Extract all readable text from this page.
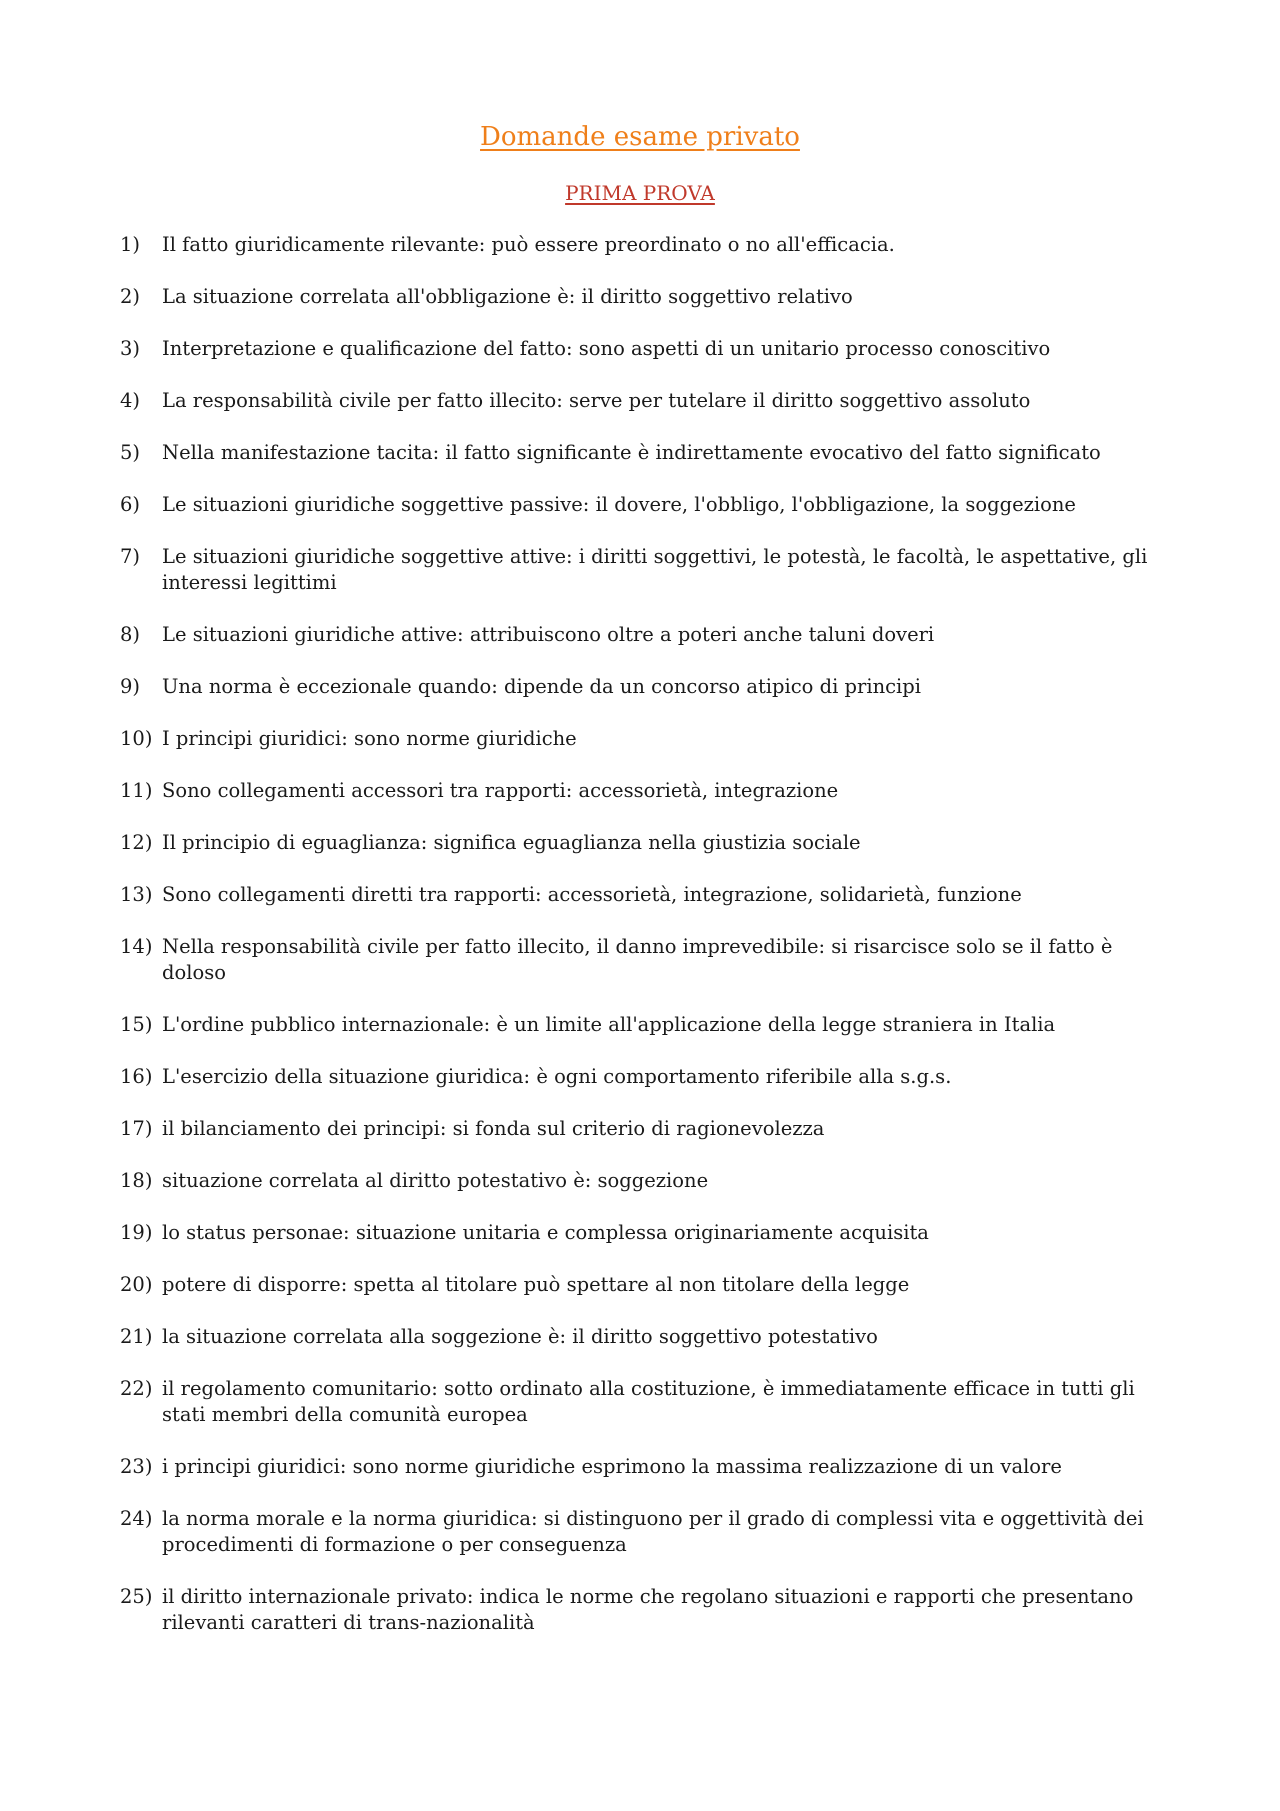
Domande esame privato
PRIMA PROVA
1) Il fatto giuridicamente rilevante: può essere preordinato o no all'efficacia.
2) La situazione correlata all'obbligazione è: il diritto soggettivo relativo
3) Interpretazione e qualificazione del fatto: sono aspetti di un unitario processo conoscitivo
4) La responsabilità civile per fatto illecito: serve per tutelare il diritto soggettivo assoluto
5) Nella manifestazione tacita: il fatto significante è indirettamente evocativo del fatto significato
6) Le situazioni giuridiche soggettive passive: il dovere, l'obbligo, l'obbligazione, la soggezione
7) Le situazioni giuridiche soggettive attive: i diritti soggettivi, le potestà, le facoltà, le aspettative, gli interessi legittimi
8) Le situazioni giuridiche attive: attribuiscono oltre a poteri anche taluni doveri
9) Una norma è eccezionale quando: dipende da un concorso atipico di principi
10) I principi giuridici: sono norme giuridiche
11) Sono collegamenti accessori tra rapporti: accessorietà, integrazione
12) Il principio di eguaglianza: significa eguaglianza nella giustizia sociale
13) Sono collegamenti diretti tra rapporti: accessorietà, integrazione, solidarietà, funzione
14) Nella responsabilità civile per fatto illecito, il danno imprevedibile: si risarcisce solo se il fatto è doloso
15) L'ordine pubblico internazionale: è un limite all'applicazione della legge straniera in Italia
16) L'esercizio della situazione giuridica: è ogni comportamento riferibile alla s.g.s.
17) il bilanciamento dei principi: si fonda sul criterio di ragionevolezza
18) situazione correlata al diritto potestativo è: soggezione
19) lo status personae: situazione unitaria e complessa originariamente acquisita
20) potere di disporre: spetta al titolare può spettare al non titolare della legge
21) la situazione correlata alla soggezione è: il diritto soggettivo potestativo
22) il regolamento comunitario: sotto ordinato alla costituzione, è immediatamente efficace in tutti gli stati membri della comunità europea
23) i principi giuridici: sono norme giuridiche esprimono la massima realizzazione di un valore
24) la norma morale e la norma giuridica: si distinguono per il grado di complessi vita e oggettività dei procedimenti di formazione o per conseguenza
25) il diritto internazionale privato: indica le norme che regolano situazioni e rapporti che presentano rilevanti caratteri di trans-nazionalità
